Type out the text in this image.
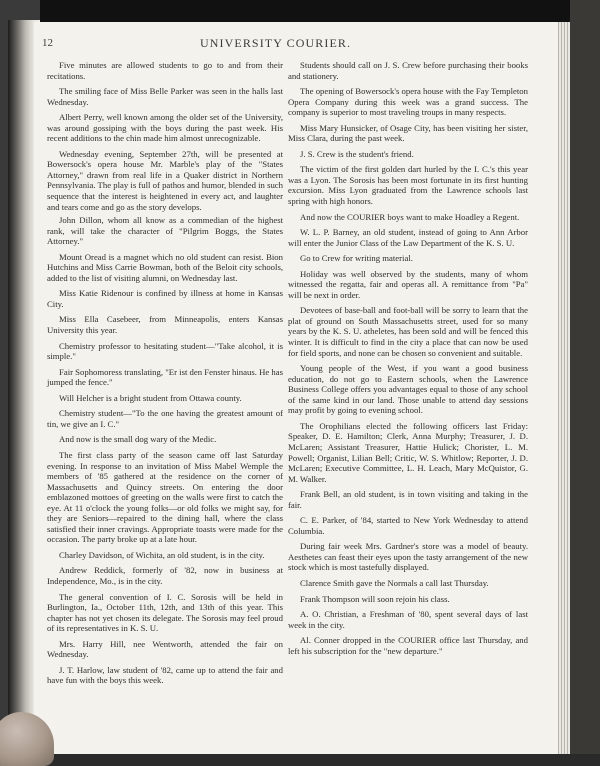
12	UNIVERSITY COURIER.

Five minutes are allowed students to go to and from their recitations.

The smiling face of Miss Belle Parker was seen in the halls last Wednesday.

Albert Perry, well known among the older set of the University, was around gossiping with the boys during the past week. His recent additions to the chin made him almost unrecognizable.

Wednesday evening, September 27th, will be presented at Bowersock's opera house Mr. Marble's play of the "States Attorney," drawn from real life in a Quaker district in Northern Pennsylvania. The play is full of pathos and humor, blended in such sequence that the interest is heightened in every act, and laughter and tears come and go as the story develops.

John Dillon, whom all know as a commedian of the highest rank, will take the character of "Pilgrim Boggs, the States Attorney."

Mount Oread is a magnet which no old student can resist. Bion Hutchins and Miss Carrie Bowman, both of the Beloit city schools, added to the list of visiting alumni, on Wednesday last.

Miss Katie Ridenour is confined by illness at home in Kansas City.

Miss Ella Casebeer, from Minneapolis, enters Kansas University this year.

Chemistry professor to hesitating student—"Take alcohol, it is simple."

Fair Sophomoress translating, "Er ist den Fenster hinaus. He has jumped the fence."

Will Helcher is a bright student from Ottawa county.

Chemistry student—"To the one having the greatest amount of tin, we give an I. C."

And now is the small dog wary of the Medic.

The first class party of the season came off last Saturday evening. In response to an invitation of Miss Mabel Wemple the members of '85 gathered at the residence on the corner of Massachusetts and Quincy streets. On entering the door emblazoned mottoes of greeting on the walls were first to catch the eye. At 11 o'clock the young folks—or old folks we might say, for they are Seniors—repaired to the dining hall, where the class satisfied their inner cravings. Appropriate toasts were made for the occasion. The party broke up at a late hour.

Charley Davidson, of Wichita, an old student, is in the city.

Andrew Reddick, formerly of '82, now in business at Independence, Mo., is in the city.

The general convention of I. C. Sorosis will be held in Burlington, Ia., October 11th, 12th, and 13th of this year. This chapter has not yet chosen its delegate. The Sorosis may feel proud of its representatives in K. S. U.

Mrs. Harry Hill, nee Wentworth, attended the fair on Wednesday.

J. T. Harlow, law student of '82, came up to attend the fair and have fun with the boys this week.

Students should call on J. S. Crew before purchasing their books and stationery.

The opening of Bowersock's opera house with the Fay Templeton Opera Company during this week was a grand success. The company is superior to most traveling troups in many respects.

Miss Mary Hunsicker, of Osage City, has been visiting her sister, Miss Clara, during the past week.

J. S. Crew is the student's friend.

The victim of the first golden dart hurled by the I. C.'s this year was a Lyon. The Sorosis has been most fortunate in its first hunting excursion. Miss Lyon graduated from the Lawrence schools last spring with high honors.

And now the COURIER boys want to make Hoadley a Regent.

W. L. P. Barney, an old student, instead of going to Ann Arbor will enter the Junior Class of the Law Department of the K. S. U.

Go to Crew for writing material.

Holiday was well observed by the students, many of whom witnessed the regatta, fair and operas all. A remittance from "Pa" will be next in order.

Devotees of base-ball and foot-ball will be sorry to learn that the plat of ground on South Massachusetts street, used for so many years by the K. S. U. atheletes, has been sold and will be fenced this winter. It is difficult to find in the city a place that can now be used for field sports, and none can be chosen so convenient and suitable.

Young people of the West, if you want a good business education, do not go to Eastern schools, when the Lawrence Business College offers you advantages equal to those of any school of the same kind in our land. Those unable to attend day sessions may profit by going to evening school.

The Orophilians elected the following officers last Friday: Speaker, D. E. Hamilton; Clerk, Anna Murphy; Treasurer, J. D. McLaren; Assistant Treasurer, Hattie Hulick; Chorister, L. M. Powell; Organist, Lilian Bell; Critic, W. S. Whitlow; Reporter, J. D. McLaren; Executive Committee, L. H. Leach, Mary McQuistor, G. M. Walker.

Frank Bell, an old student, is in town visiting and taking in the fair.

C. E. Parker, of '84, started to New York Wednesday to attend Columbia.

During fair week Mrs. Gardner's store was a model of beauty. Aesthetes can feast their eyes upon the tasty arrangement of the new stock which is most tastefully displayed.

Clarence Smith gave the Normals a call last Thursday.

Frank Thompson will soon rejoin his class.

A. O. Christian, a Freshman of '80, spent several days of last week in the city.

Al. Conner dropped in the COURIER office last Thursday, and left his subscription for the "new departure."
